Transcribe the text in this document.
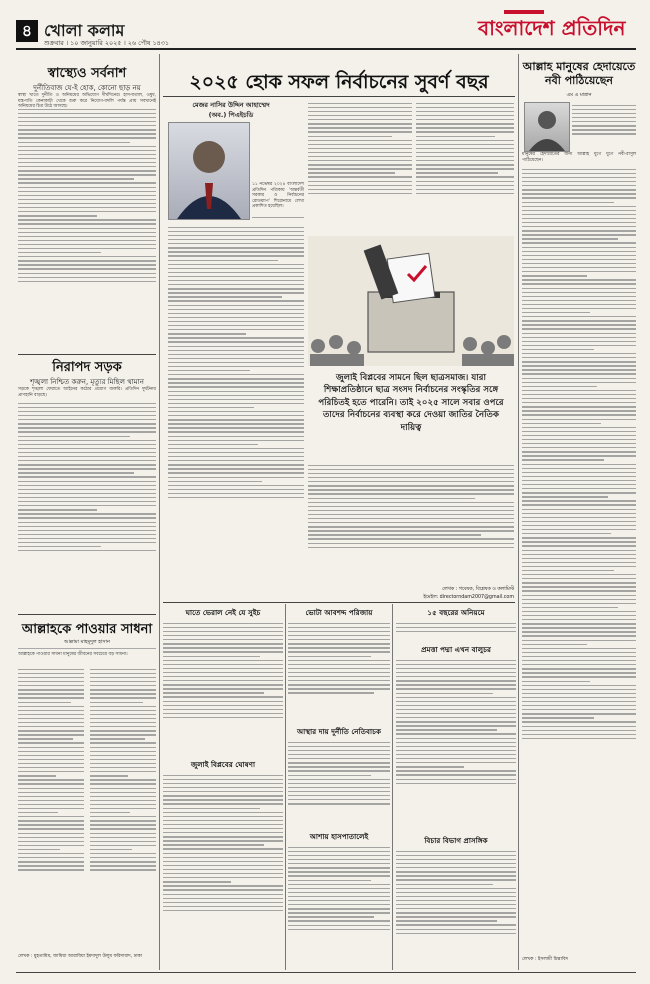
৪ খোলা কলাম
শুক্রবার । ১০ জানুয়ারি ২০২৫ । ২৬ পৌষ ১৪৩১
বাংলাদেশ প্রতিদিন
স্বাস্থ্যেও সর্বনাশ
দুর্নীতিবাজ যে-ই হোক, কোনো ছাড় নয়
স্বাস্থ্য খাতে দুর্নীতি ও অনিয়মের অভিযোগ দীর্ঘদিনের। হাসপাতাল, ওষুধ, যন্ত্রপাতি কেনাকাটা থেকে শুরু করে নিয়োগ-বদলি পর্যন্ত প্রায় সবখানেই অনিয়মের চিত্র উঠে আসছে।
নিরাপদ সড়ক
শৃঙ্খলা নিশ্চিত করুন, মৃত্যুর মিছিল থামান
সড়কে শৃঙ্খলা ফেরাতে আইনের কঠোর প্রয়োগ জরুরি। প্রতিদিন দুর্ঘটনায় প্রাণহানি বাড়ছে।
আল্লাহকে পাওয়ার সাধনা
আল্লামা মাহমূদুল হাসান
আল্লাহকে পাওয়ার সাধনা মানুষের জীবনের সবচেয়ে বড় সাধনা।
লেখক : মুহতামিম, জামিয়া আরাবিয়া ইমদাদুল উলুম ফরিদাবাদ, ঢাকা
আল্লাহ মানুষের হেদায়েতে নবী পাঠিয়েছেন
এম এ মান্নান
মানুষের হেদায়েতের জন্য আল্লাহ যুগে যুগে নবী-রাসুল পাঠিয়েছেন।
লেখক : ইসলামী চিন্তাবিদ
২০২৫ হোক সফল নির্বাচনের সুবর্ণ বছর
মেজর নাসির উদ্দিন আহাম্মেদ
(অব.) পিএইচডি
১১ নভেম্বর ২০২৪ বাংলাদেশ প্রতিদিন পত্রিকায় ‘অন্তর্বর্তী সরকার ও নির্বাচনের রোডম্যাপ’ শিরোনামে লেখা প্রকাশিত হয়েছিল।
জুলাই বিপ্লবের সামনে ছিল ছাত্রসমাজ। যারা শিক্ষাপ্রতিষ্ঠানে ছাত্র সংসদ নির্বাচনের সংস্কৃতির সঙ্গে পরিচিতই হতে পারেনি। তাই ২০২৫ সালে সবার ওপরে তাদের নির্বাচনের ব্যবস্থা করে দেওয়া জাতির নৈতিক দায়িত্ব
লেখক : গবেষক, বিশ্লেষক ও কলামিস্ট
ইমেইল: directorndam2007@gmail.com
ঘাতে ভেরাল নেই যে সুইচ
জুলাই বিপ্লবের ঘোষণা
ভোটা আবশদ্দ পরিজায়
আস্থার দায় দুর্নীতি নেতিবাচক
আশায় হাসপাতালেই
১৫ বছরের অনিয়মে
প্রমত্তা পদ্মা এখন বালুচর
বিচার বিভাগ প্রাসঙ্গিক
